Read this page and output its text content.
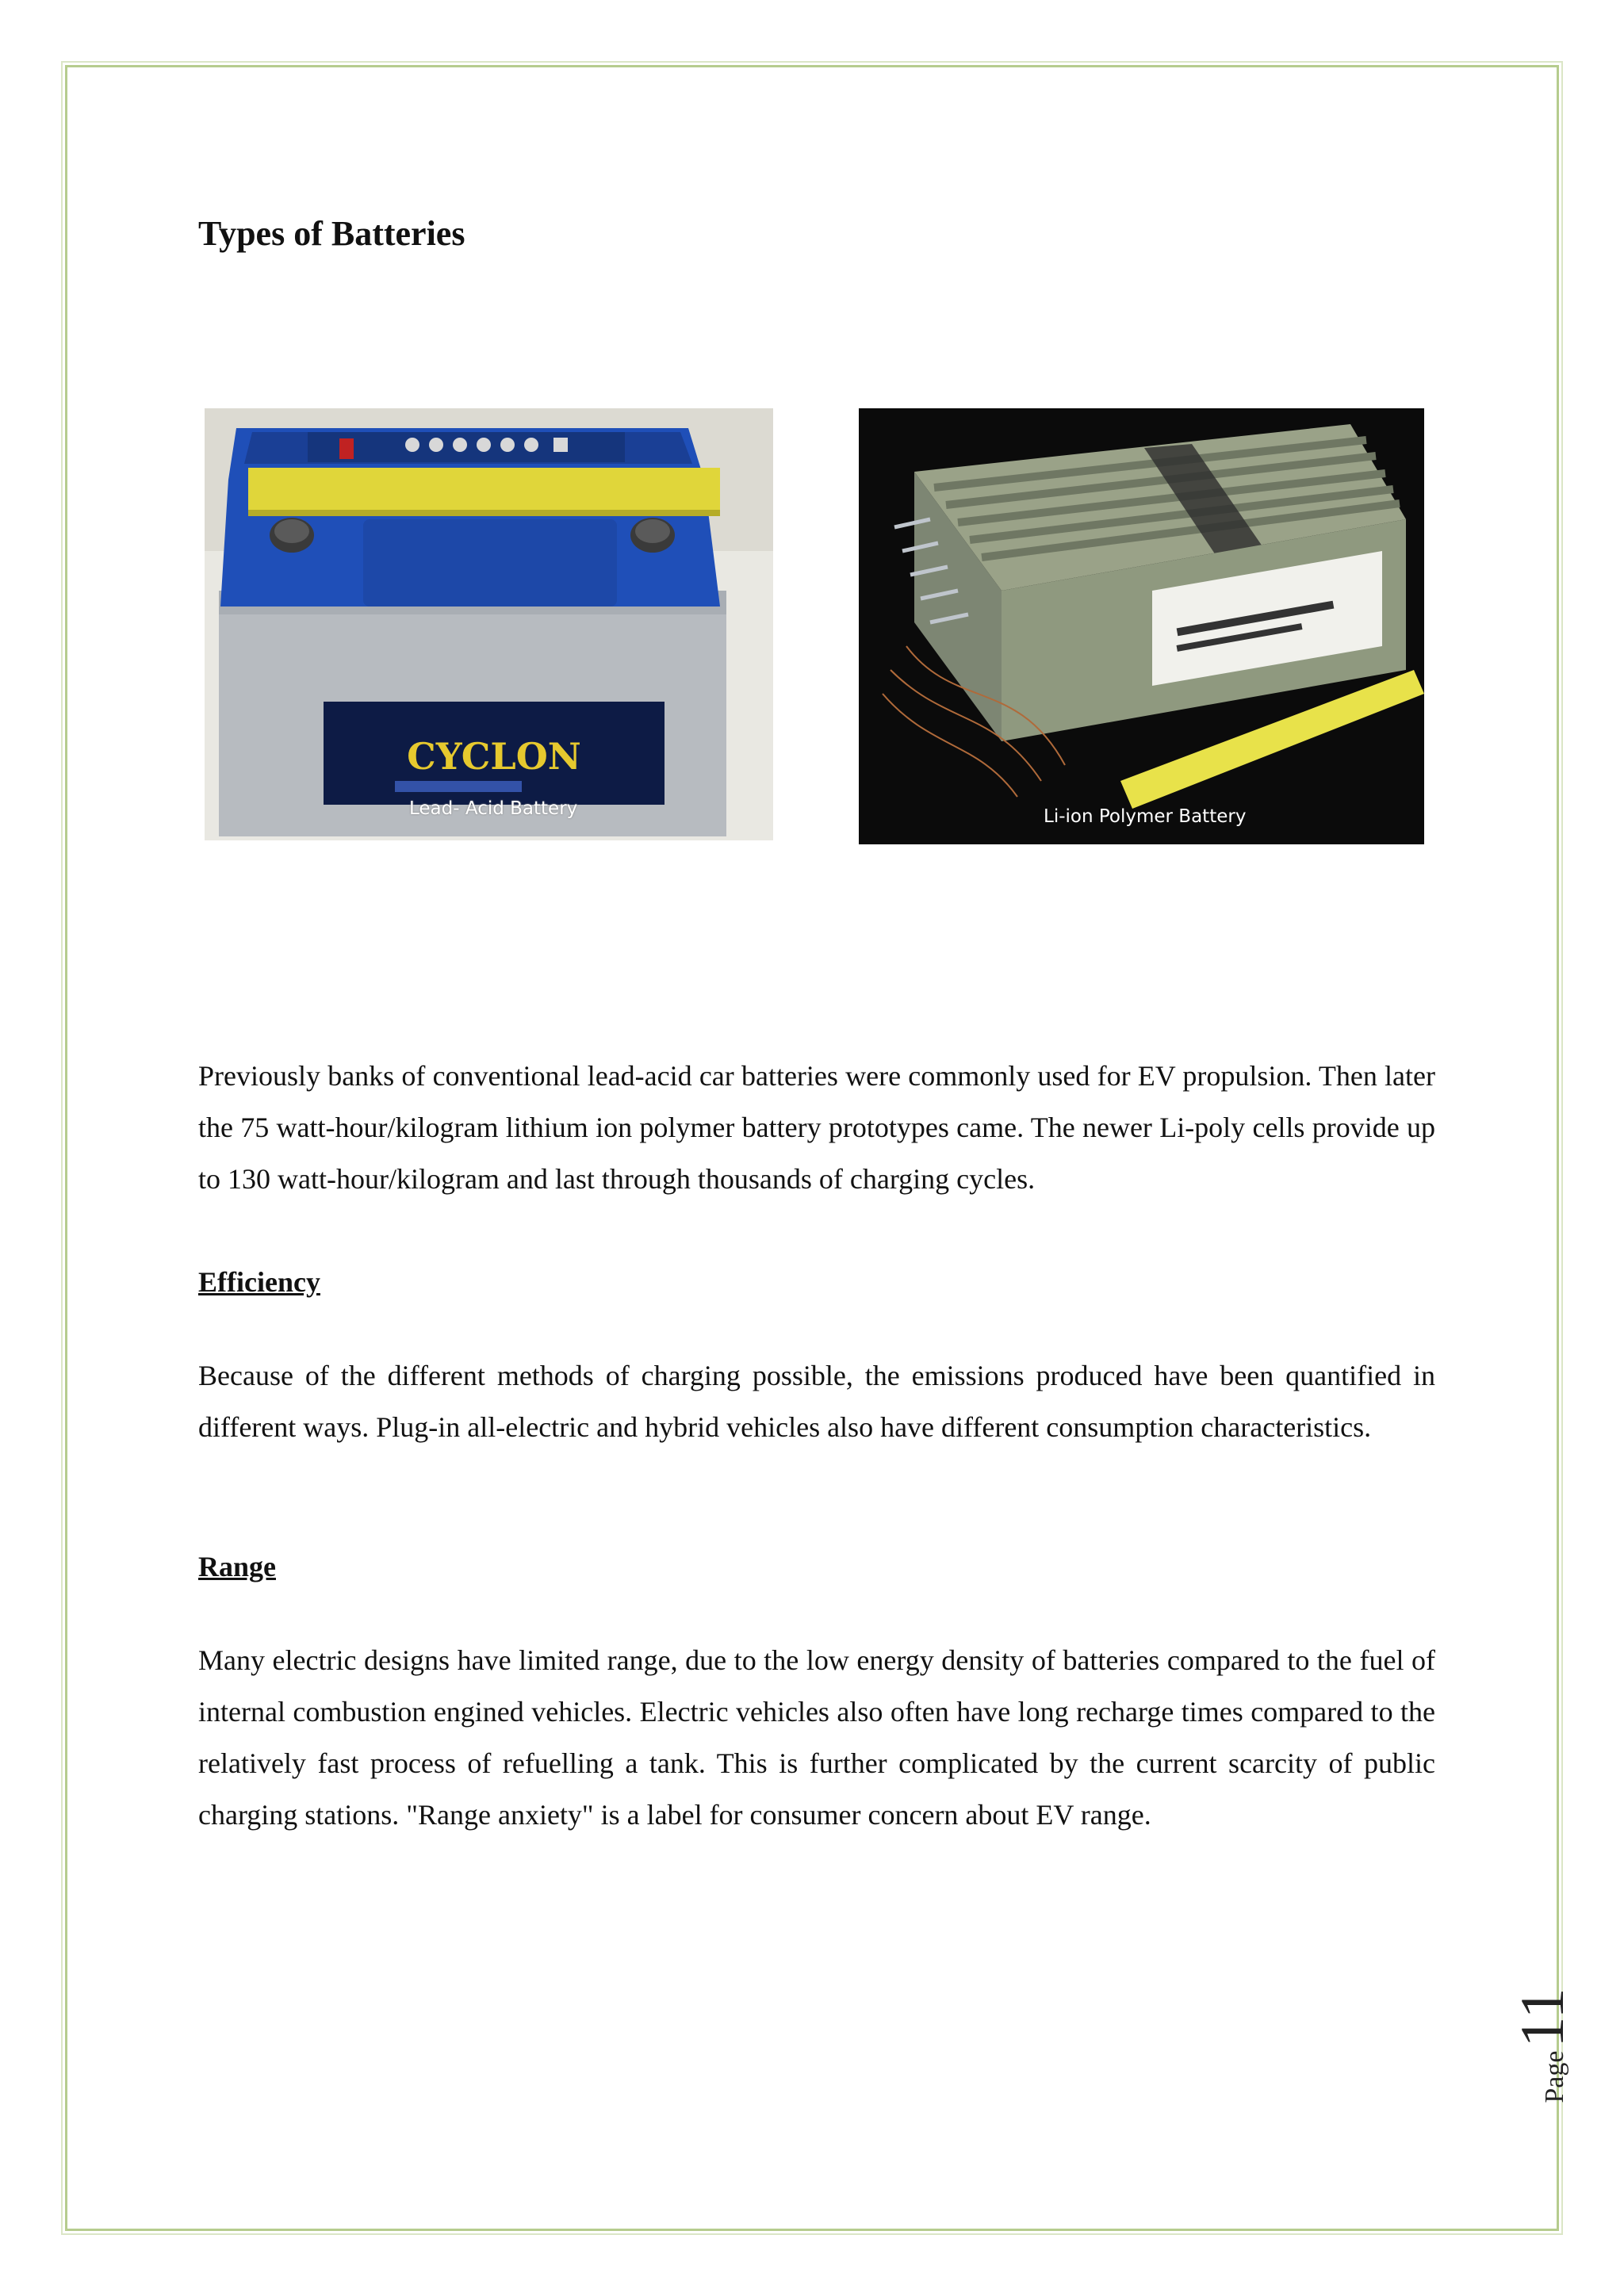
Types of Batteries
CYCLON
Lead- Acid Battery	Li-ion Polymer Battery

Previously banks of conventional lead-acid car batteries were commonly used for EV propulsion. Then later the 75 watt-hour/kilogram lithium ion polymer battery prototypes came. The newer Li-poly cells provide up to 130 watt-hour/kilogram and last through thousands of charging cycles.

Efficiency

Because of the different methods of charging possible, the emissions produced have been quantified in different ways. Plug-in all-electric and hybrid vehicles also have different consumption characteristics.

Range

Many electric designs have limited range, due to the low energy density of batteries compared to the fuel of internal combustion engined vehicles. Electric vehicles also often have long recharge times compared to the relatively fast process of refuelling a tank. This is further complicated by the current scarcity of public charging stations. "Range anxiety" is a label for consumer concern about EV range.

Page11
